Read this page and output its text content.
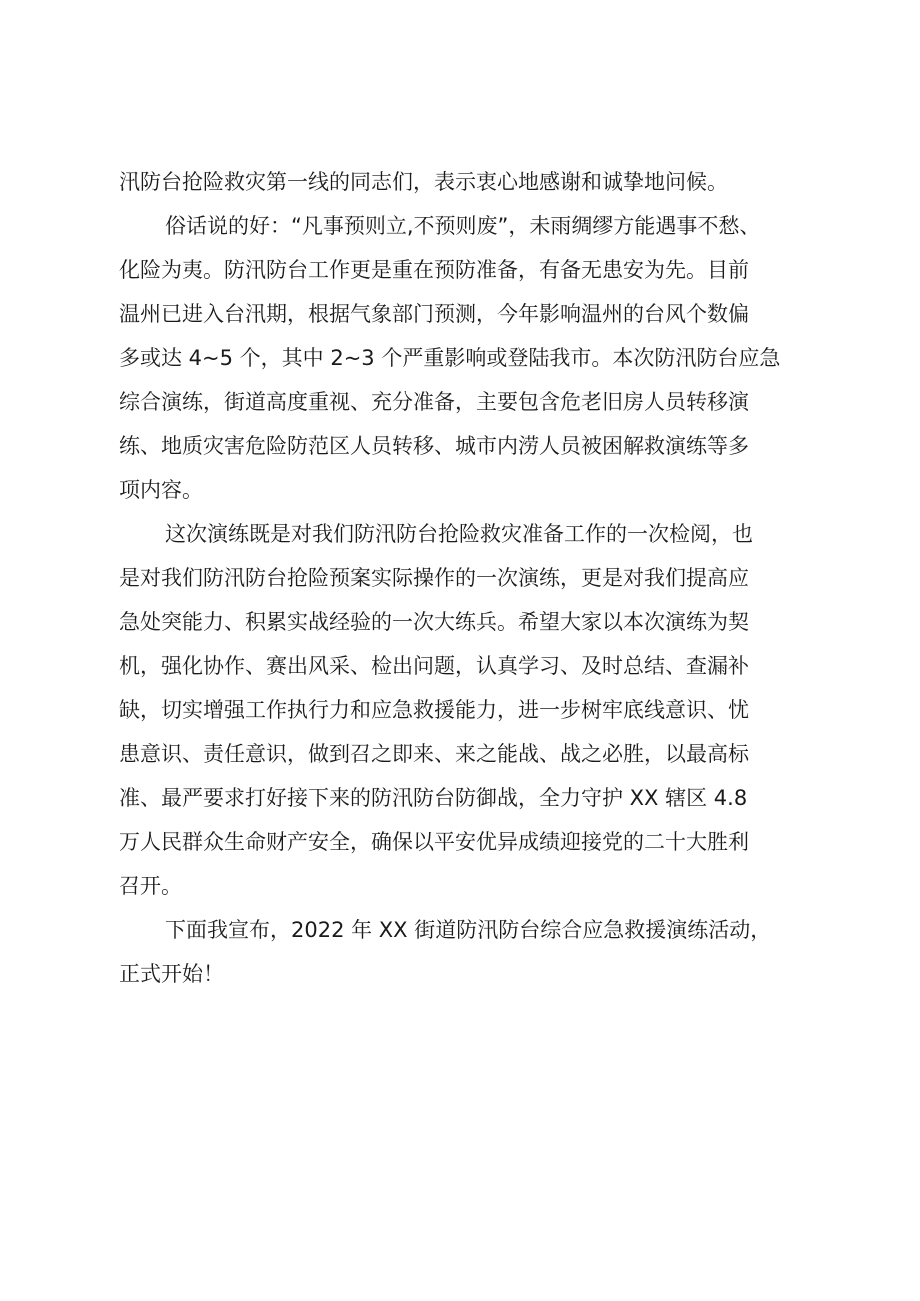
汛防台抢险救灾第一线的同志们，表示衷心地感谢和诚挚地问候。
俗话说的好：“凡事预则立,不预则废”，未雨绸缪方能遇事不愁、
化险为夷。防汛防台工作更是重在预防准备，有备无患安为先。目前
温州已进入台汛期，根据气象部门预测，今年影响温州的台风个数偏
多或达 4~5 个，其中 2~3 个严重影响或登陆我市。本次防汛防台应急
综合演练，街道高度重视、充分准备，主要包含危老旧房人员转移演
练、地质灾害危险防范区人员转移、城市内涝人员被困解救演练等多
项内容。
这次演练既是对我们防汛防台抢险救灾准备工作的一次检阅，也
是对我们防汛防台抢险预案实际操作的一次演练，更是对我们提高应
急处突能力、积累实战经验的一次大练兵。希望大家以本次演练为契
机，强化协作、赛出风采、检出问题，认真学习、及时总结、查漏补
缺，切实增强工作执行力和应急救援能力，进一步树牢底线意识、忧
患意识、责任意识，做到召之即来、来之能战、战之必胜，以最高标
准、最严要求打好接下来的防汛防台防御战，全力守护 XX 辖区 4.8
万人民群众生命财产安全，确保以平安优异成绩迎接党的二十大胜利
召开。
下面我宣布，2022 年 XX 街道防汛防台综合应急救援演练活动，
正式开始！
